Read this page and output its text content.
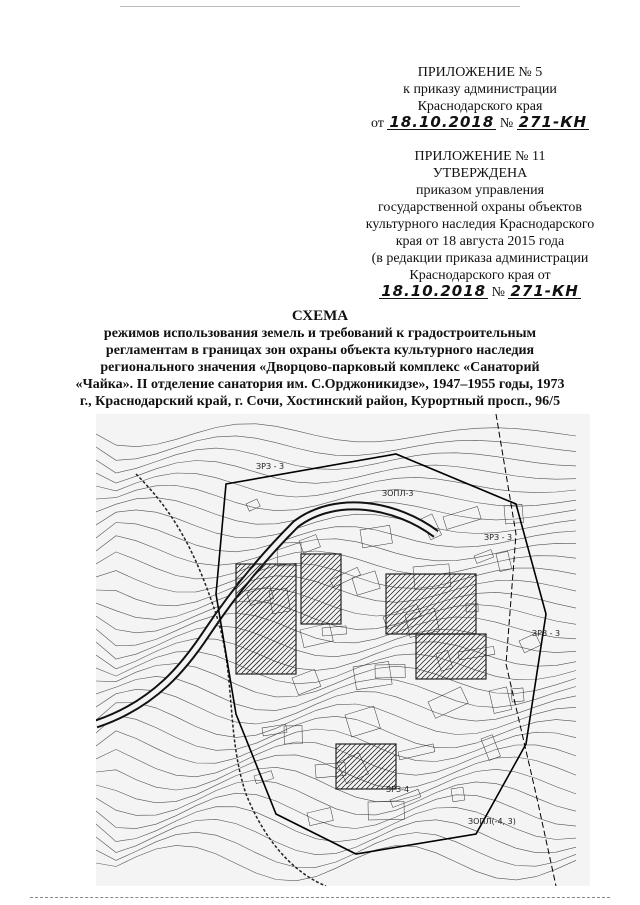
ПРИЛОЖЕНИЕ № 5
к приказу администрации
Краснодарского края
от 18.10.2018 № 271-КН
ПРИЛОЖЕНИЕ № 11
УТВЕРЖДЕНА
приказом управления
государственной охраны объектов
культурного наследия Краснодарского
края от 18 августа 2015 года
(в редакции приказа администрации
Краснодарского края от
18.10.2018 № 271-КН
СХЕМА
режимов использования земель и требований к градостроительным
регламентам в границах зон охраны объекта культурного наследия
регионального значения «Дворцово-парковый комплекс «Санаторий
«Чайка». II отделение санатория им. С.Орджоникидзе», 1947–1955 годы, 1973
г., Краснодарский край, г. Сочи, Хостинский район, Курортный просп., 96/5
ЗРЗ - 3
ЗОПЛ-3
ЗРЗ - 3
ЗРЗ - 3
ЗРЗ-4
ЗОПЛ(-4, 3)
